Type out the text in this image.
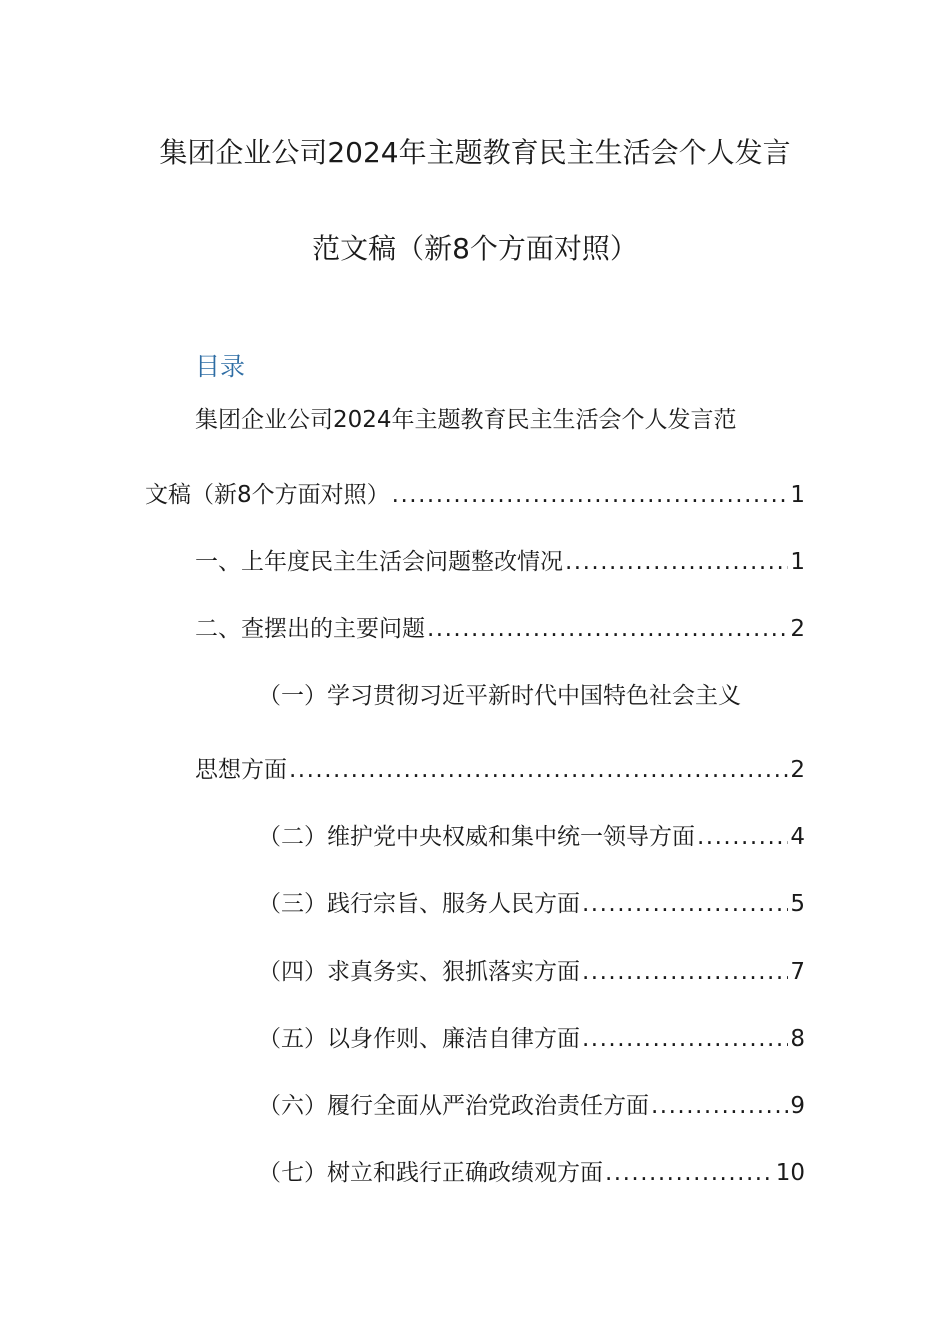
集团企业公司2024年主题教育民主生活会个人发言
范文稿（新8个方面对照）
目录
集团企业公司2024年主题教育民主生活会个人发言范
文稿（新8个方面对照） .....	1
一、上年度民主生活会问题整改情况 .....	1
二、查摆出的主要问题 .....	2
（一）学习贯彻习近平新时代中国特色社会主义
思想方面 .....	2
（二）维护党中央权威和集中统一领导方面 .....	4
（三）践行宗旨、服务人民方面 .....	5
（四）求真务实、狠抓落实方面 .....	7
（五）以身作则、廉洁自律方面 .....	8
（六）履行全面从严治党政治责任方面 .....	9
（七）树立和践行正确政绩观方面 .....	10
